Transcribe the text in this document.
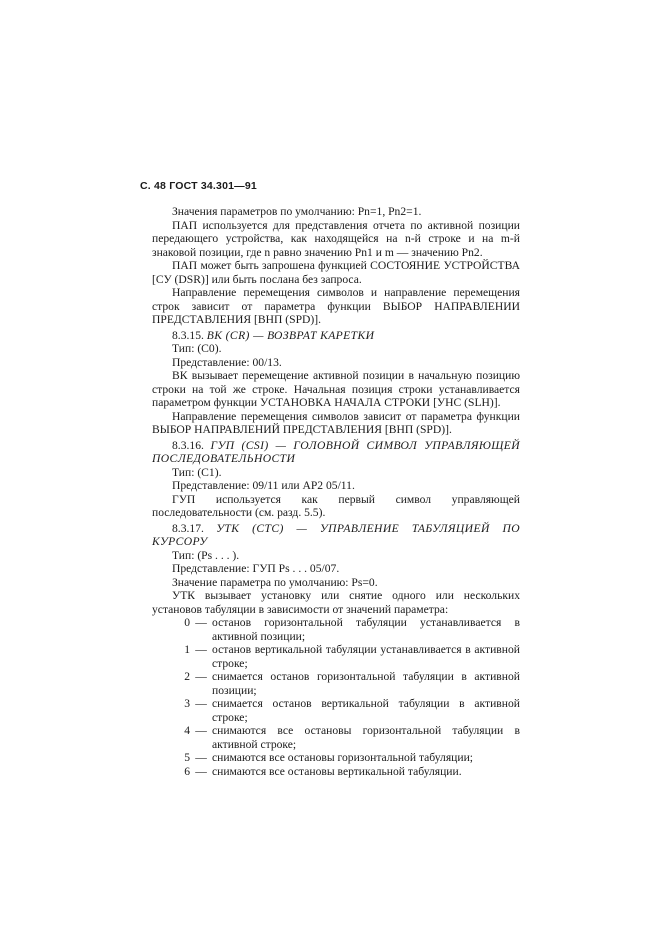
С. 48 ГОСТ 34.301—91

Значения параметров по умолчанию: Pn=1, Pn2=1.

ПАП используется для представления отчета по активной позиции передающего устройства, как находящейся на n-й строке и на m-й знаковой позиции, где n равно значению Pn1 и m — значению Pn2.

ПАП может быть запрошена функцией СОСТОЯНИЕ УСТРОЙСТВА [СУ (DSR)] или быть послана без запроса.

Направление перемещения символов и направление перемещения строк зависит от параметра функции ВЫБОР НАПРАВЛЕНИИ ПРЕДСТАВЛЕНИЯ [ВНП (SPD)].

8.3.15. ВК (CR) — ВОЗВРАТ КАРЕТКИ

Тип: (C0).

Представление: 00/13.

ВК вызывает перемещение активной позиции в начальную позицию строки на той же строке. Начальная позиция строки устанавливается параметром функции УСТАНОВКА НАЧАЛА СТРОКИ [УНС (SLH)].

Направление перемещения символов зависит от параметра функции ВЫБОР НАПРАВЛЕНИЙ ПРЕДСТАВЛЕНИЯ [ВНП (SPD)].

8.3.16. ГУП (CSI) — ГОЛОВНОЙ СИМВОЛ УПРАВЛЯЮЩЕЙ ПОСЛЕДОВАТЕЛЬНОСТИ

Тип: (C1).

Представление: 09/11 или АР2 05/11.

ГУП используется как первый символ управляющей последовательности (см. разд. 5.5).

8.3.17. УТК (CTC) — УПРАВЛЕНИЕ ТАБУЛЯЦИЕЙ ПО КУРСОРУ

Тип: (Ps . . . ).

Представление: ГУП Ps . . . 05/07.

Значение параметра по умолчанию: Ps=0.

УТК вызывает установку или снятие одного или нескольких установов табуляции в зависимости от значений параметра:

0 — останов горизонтальной табуляции устанавливается в активной позиции;
1 — останов вертикальной табуляции устанавливается в активной строке;
2 — снимается останов горизонтальной табуляции в активной позиции;
3 — снимается останов вертикальной табуляции в активной строке;
4 — снимаются все остановы горизонтальной табуляции в активной строке;
5 — снимаются все остановы горизонтальной табуляции;
6 — снимаются все остановы вертикальной табуляции.
